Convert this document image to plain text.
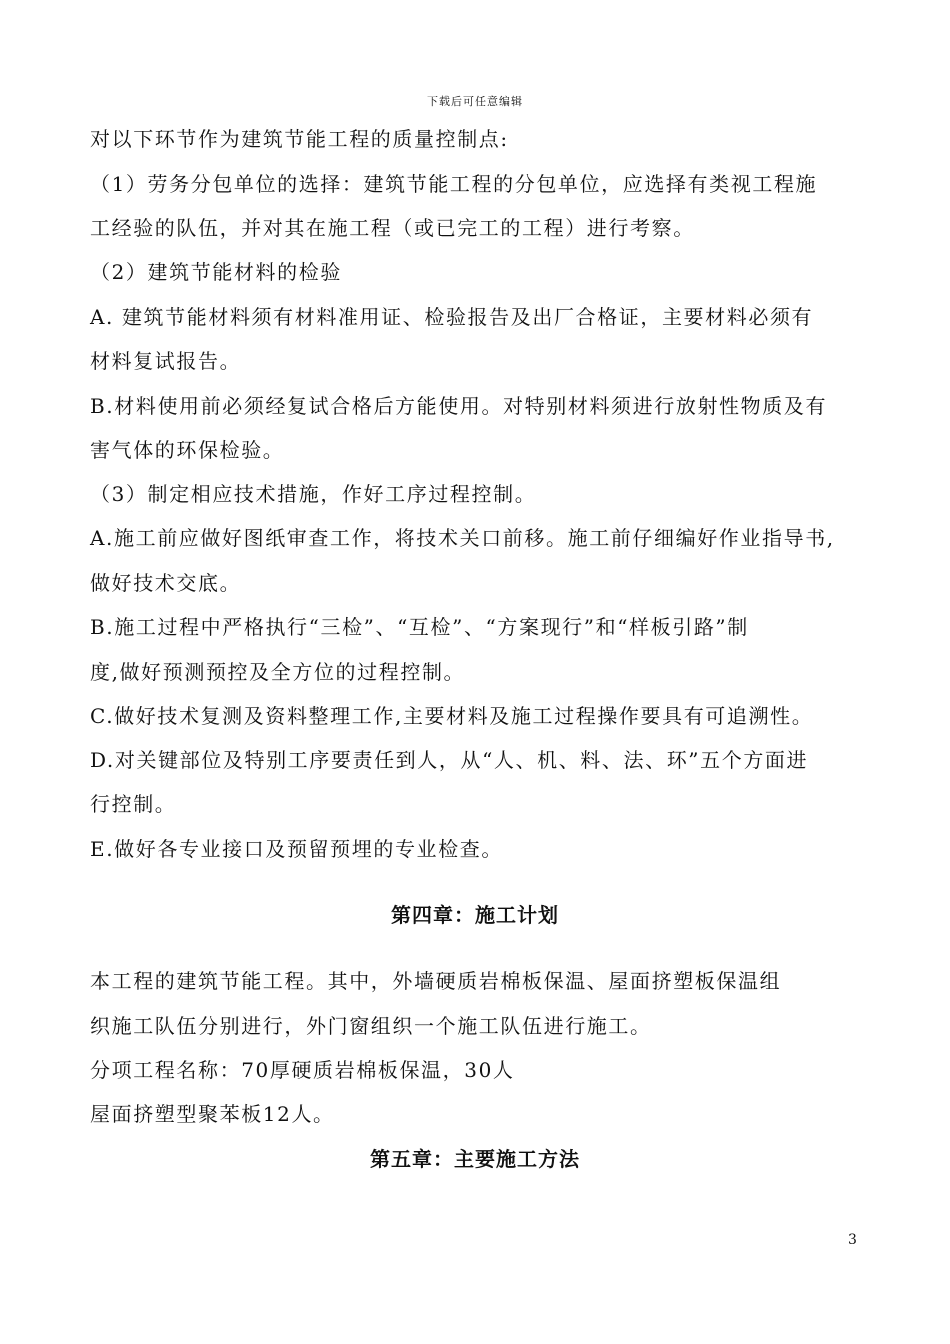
下载后可任意编辑
对以下环节作为建筑节能工程的质量控制点:
（1）劳务分包单位的选择：建筑节能工程的分包单位，应选择有类视工程施
工经验的队伍，并对其在施工程（或已完工的工程）进行考察。
（2）建筑节能材料的检验
A. 建筑节能材料须有材料准用证、检验报告及出厂合格证，主要材料必须有
材料复试报告。
B.材料使用前必须经复试合格后方能使用。对特别材料须进行放射性物质及有
害气体的环保检验。
（3）制定相应技术措施，作好工序过程控制。
A.施工前应做好图纸审查工作，将技术关口前移。施工前仔细编好作业指导书,
做好技术交底。
B.施工过程中严格执行“三检”、“互检”、“方案现行”和“样板引路”制
度,做好预测预控及全方位的过程控制。
C.做好技术复测及资料整理工作,主要材料及施工过程操作要具有可追溯性。
D.对关键部位及特别工序要责任到人，从“人、机、料、法、环”五个方面进
行控制。
E.做好各专业接口及预留预埋的专业检查。
第四章：施工计划
本工程的建筑节能工程。其中，外墙硬质岩棉板保温、屋面挤塑板保温组
织施工队伍分别进行，外门窗组织一个施工队伍进行施工。
分项工程名称：70厚硬质岩棉板保温，30人
屋面挤塑型聚苯板12人。
第五章：主要施工方法
3
